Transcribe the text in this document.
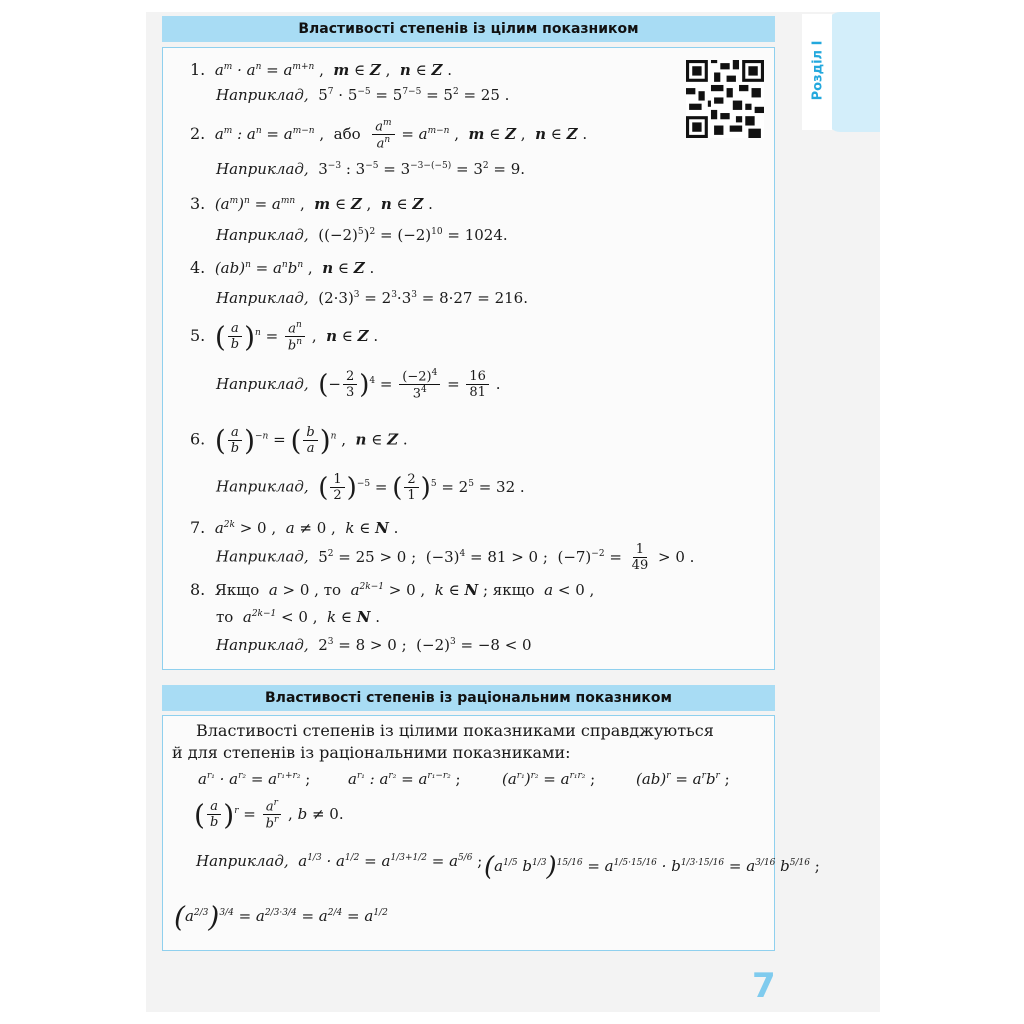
Розділ І
Властивості степенів із цілим показником
1. $a^m \cdot a^n = a^{m+n}$ ,  m ∈ Z ,  n ∈ Z .
Наприклад, $5^7 \cdot 5^{-5} = 5^{7-5} = 5^2 = 25$ .
2. $a^m$ : $a^n = a^{m-n}$ ,  або $\frac{a^m}{a^n} = a^{m-n}$ ,  m ∈ Z ,  n ∈ Z .
Наприклад, $3^{-3}$ : $3^{-5} = 3^{-3-(-5)} = 3^2 = 9$.
3. $(a^m)^n = a^{mn}$ ,  m ∈ Z ,  n ∈ Z .
Наприклад, $((-2)^5)^2 = (-2)^{10} = 1024$.
4. $(ab)^n = a^nb^n$ ,  n ∈ Z .
Наприклад, $(2\cdot 3)^3 = 2^3\cdot 3^3 = 8\cdot 27 = 216$.
5. ( $\frac{a}{b} )^n = \frac{a^n}{b^n}$ ,  n ∈ Z .
Наприклад, (− $\frac{2}{3} )^4 = \frac{(-2)^4}{3^4} = \frac{16}{81}$ .
6. ( $\frac{a}{b} )^{-n}$ = ( $\frac{b}{a} )^n$ ,  n ∈ Z .
Наприклад, ( $\frac{1}{2} )^{-5}$ = ( $\frac{2}{1} )^5 = 2^5 = 32$ .
7. $a^{2k} > 0$ ,  a ≠ 0 ,  k ∈ N .
Наприклад, $5^2 = 25 > 0$ ;  $(-3)^4 = 81 > 0$ ;  $(-7)^{-2} = \frac{1}{49} > 0$ .
8.  Якщо  a > 0 , то  $a^{2k-1} > 0$ ,  k ∈ N ; якщо  a < 0 ,
то  $a^{2k-1} < 0$ ,  k ∈ N .
Наприклад, $2^3 = 8 > 0$ ;  $(-2)^3 = -8 < 0$
Властивості степенів із раціональним показником
Властивості степенів із цілими показниками справджуються
й для степенів із раціональними показниками:
$a^{r_1} \cdot a^{r_2} = a^{r_1+r_2}$ ;	$a^{r_1}$ : $a^{r_2} = a^{r_1-r_2}$ ;	$(a^{r_1})^{r_2} = a^{r_1r_2}$ ;	$(ab)^r = a^rb^r$ ;
( $\frac{a}{b} )^r = \frac{a^r}{b^r}$ , b ≠ 0.
Наприклад, $a^{1/3} \cdot a^{1/2} = a^{1/3+1/2} = a^{5/6}$ ; ($a^{1/5}$ $b^{1/3})^{15/16} = a^{1/5\cdot 15/16} \cdot b^{1/3\cdot 15/16} = a^{3/16}$ $b^{5/16}$ ;
$(a^{2/3})^{3/4} = a^{2/3\cdot 3/4} = a^{2/4} = a^{1/2}$
7
